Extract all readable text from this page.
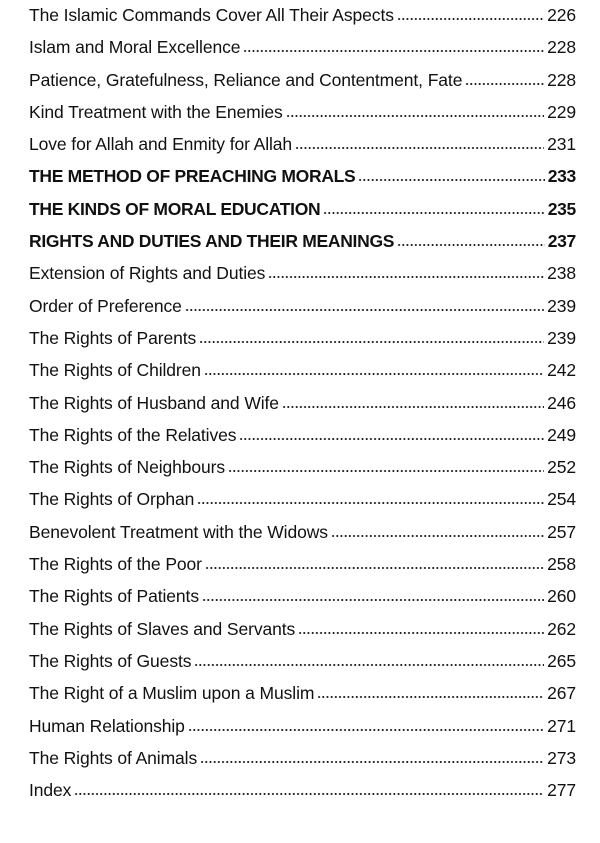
The Islamic Commands Cover All Their Aspects	226
Islam and Moral Excellence	228
Patience, Gratefulness, Reliance and Contentment, Fate	228
Kind Treatment with the Enemies	229
Love for Allah and Enmity for Allah	231
THE METHOD OF PREACHING MORALS	233
THE KINDS OF MORAL EDUCATION	235
RIGHTS AND DUTIES AND THEIR MEANINGS	237
Extension of Rights and Duties	238
Order of Preference	239
The Rights of Parents	239
The Rights of Children	242
The Rights of Husband and Wife	246
The Rights of the Relatives	249
The Rights of Neighbours	252
The Rights of Orphan	254
Benevolent Treatment with the Widows	257
The Rights of the Poor	258
The Rights of Patients	260
The Rights of Slaves and Servants	262
The Rights of Guests	265
The Right of a Muslim upon a Muslim	267
Human Relationship	271
The Rights of Animals	273
Index	277
